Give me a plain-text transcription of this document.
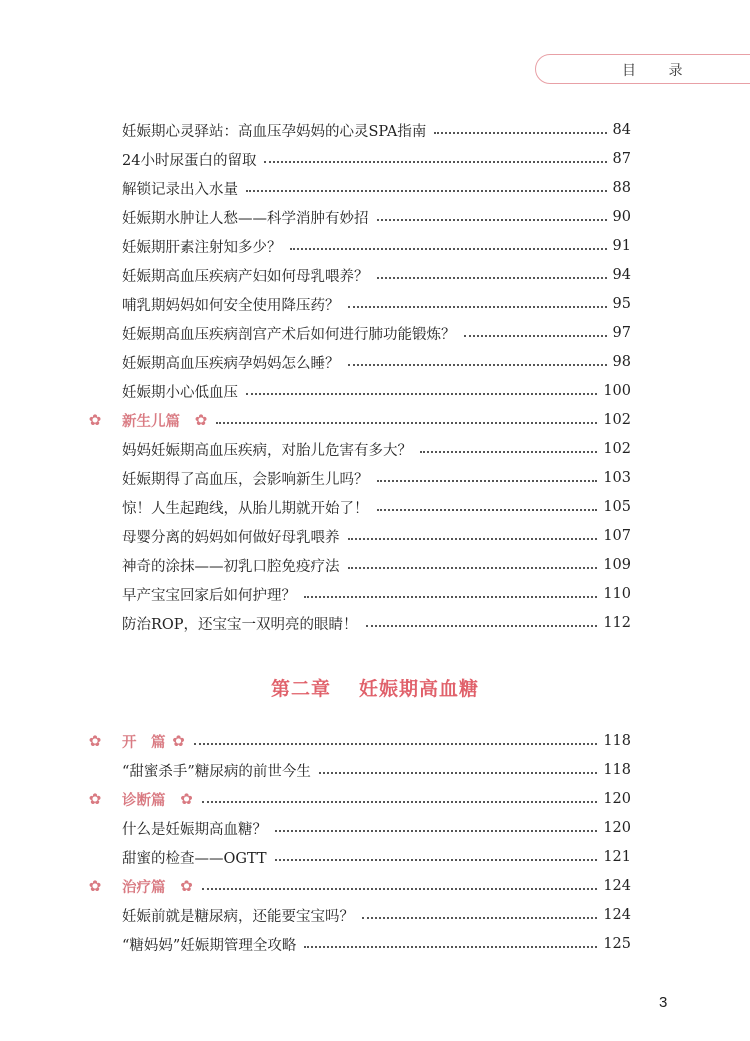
目 录
妊娠期心灵驿站：高血压孕妈妈的心灵SPA指南	84
24小时尿蛋白的留取	87
解锁记录出入水量	88
妊娠期水肿让人愁——科学消肿有妙招	90
妊娠期肝素注射知多少？	91
妊娠期高血压疾病产妇如何母乳喂养？	94
哺乳期妈妈如何安全使用降压药？	95
妊娠期高血压疾病剖宫产术后如何进行肺功能锻炼？	97
妊娠期高血压疾病孕妈妈怎么睡？	98
妊娠期小心低血压	100
✿ 新生儿篇 ✿	102
妈妈妊娠期高血压疾病，对胎儿危害有多大？	102
妊娠期得了高血压，会影响新生儿吗？	103
惊！人生起跑线，从胎儿期就开始了！	105
母婴分离的妈妈如何做好母乳喂养	107
神奇的涂抹——初乳口腔免疫疗法	109
早产宝宝回家后如何护理？	110
防治ROP，还宝宝一双明亮的眼睛！	112
第二章 妊娠期高血糖
✿ 开　篇 ✿	118
“甜蜜杀手”糖尿病的前世今生	118
✿ 诊断篇 ✿	120
什么是妊娠期高血糖？	120
甜蜜的检查——OGTT	121
✿ 治疗篇 ✿	124
妊娠前就是糖尿病，还能要宝宝吗？	124
“糖妈妈”妊娠期管理全攻略	125
3
